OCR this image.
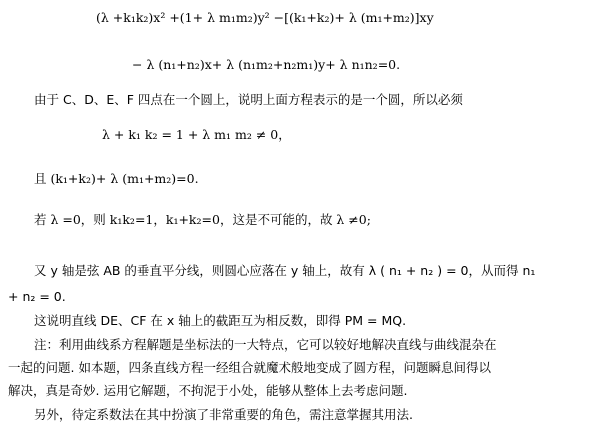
(λ +k₁k₂)x² +(1+ λ m₁m₂)y² −[(k₁+k₂)+ λ (m₁+m₂)]xy
− λ (n₁+n₂)x+ λ (n₁m₂+n₂m₁)y+ λ n₁n₂=0.
由于 C、D、E、F 四点在一个圆上，说明上面方程表示的是一个圆，所以必须
λ + k₁ k₂ = 1 + λ m₁ m₂ ≠ 0，
且 (k₁+k₂)+ λ (m₁+m₂)=0.
若 λ =0，则 k₁k₂=1，k₁+k₂=0，这是不可能的，故 λ ≠0;
又 y 轴是弦 AB 的垂直平分线，则圆心应落在 y 轴上，故有 λ ( n₁ + n₂ ) = 0，从而得 n₁
+ n₂ = 0.
这说明直线 DE、CF 在 x 轴上的截距互为相反数，即得 PM = MQ.
注：利用曲线系方程解题是坐标法的一大特点，它可以较好地解决直线与曲线混杂在
一起的问题. 如本题，四条直线方程一经组合就魔术般地变成了圆方程，问题瞬息间得以
解决，真是奇妙. 运用它解题，不拘泥于小处，能够从整体上去考虑问题.
另外，待定系数法在其中扮演了非常重要的角色，需注意掌握其用法.
